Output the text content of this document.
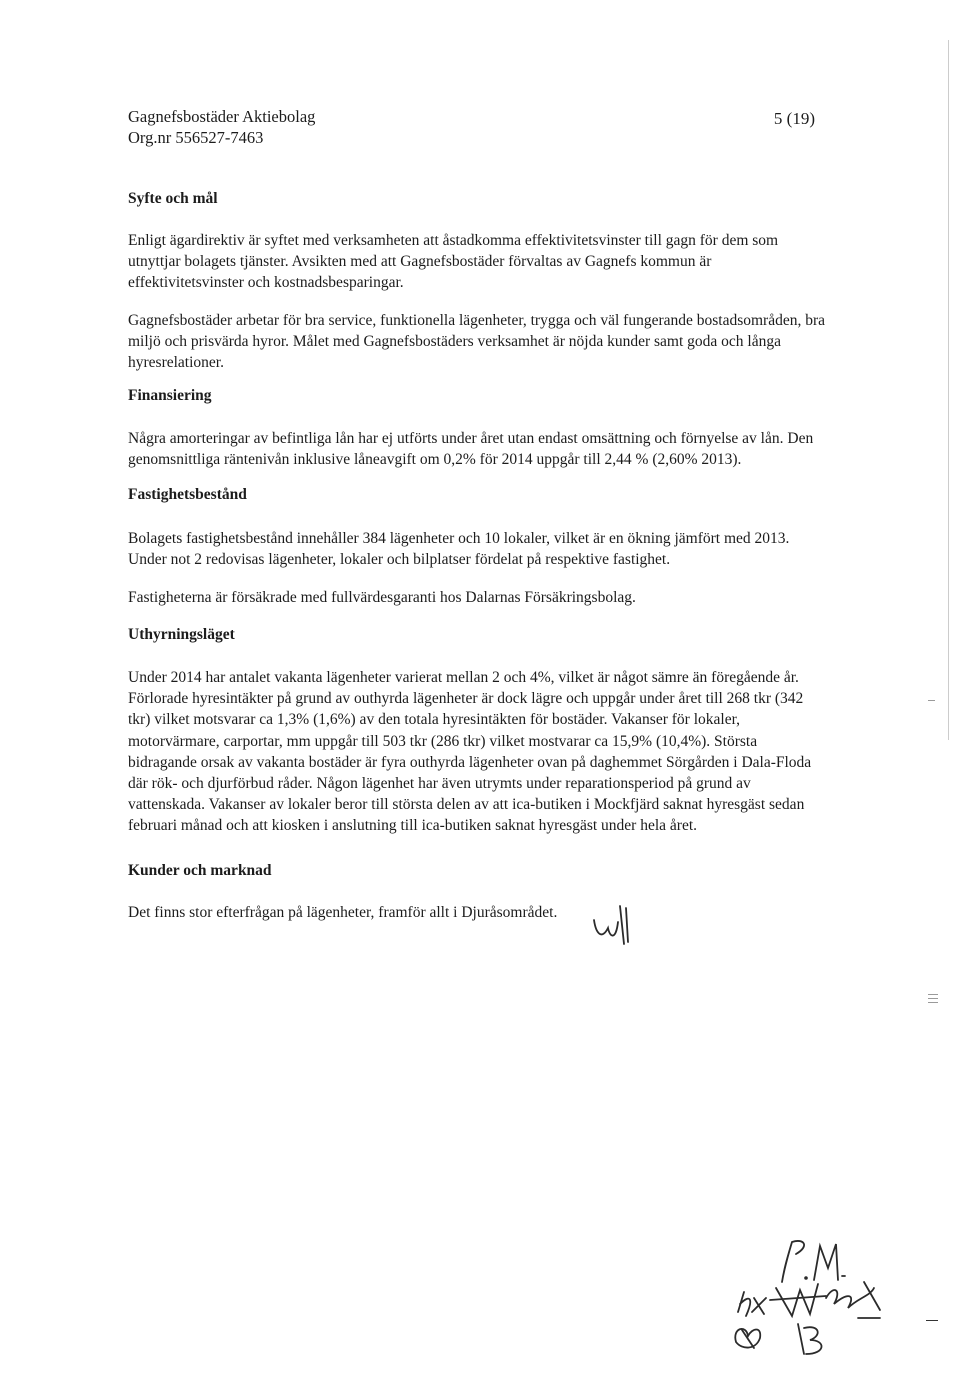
Gagnefsbostäder Aktiebolag
Org.nr 556527-7463
5 (19)
Syfte och mål

Enligt ägardirektiv är syftet med verksamheten att åstadkomma effektivitetsvinster till gagn för dem som utnyttjar bolagets tjänster. Avsikten med att Gagnefsbostäder förvaltas av Gagnefs kommun är effektivitetsvinster och kostnadsbesparingar.

Gagnefsbostäder arbetar för bra service, funktionella lägenheter, trygga och väl fungerande bostadsområden, bra miljö och prisvärda hyror. Målet med Gagnefsbostäders verksamhet är nöjda kunder samt goda och långa hyresrelationer.

Finansiering

Några amorteringar av befintliga lån har ej utförts under året utan endast omsättning och förnyelse av lån. Den genomsnittliga räntenivån inklusive låneavgift om 0,2% för 2014 uppgår till 2,44 % (2,60% 2013).

Fastighetsbestånd

Bolagets fastighetsbestånd innehåller 384 lägenheter och 10 lokaler, vilket är en ökning jämfört med 2013. Under not 2 redovisas lägenheter, lokaler och bilplatser fördelat på respektive fastighet.

Fastigheterna är försäkrade med fullvärdesgaranti hos Dalarnas Försäkringsbolag.

Uthyrningsläget

Under 2014 har antalet vakanta lägenheter varierat mellan 2 och 4%, vilket är något sämre än föregående år. Förlorade hyresintäkter på grund av outhyrda lägenheter är dock lägre och uppgår under året till 268 tkr (342 tkr) vilket motsvarar ca 1,3% (1,6%) av den totala hyresintäkten för bostäder. Vakanser för lokaler, motorvärmare, carportar, mm uppgår till 503 tkr (286 tkr) vilket mostvarar ca 15,9% (10,4%). Största bidragande orsak av vakanta bostäder är fyra outhyrda lägenheter ovan på daghemmet Sörgården i Dala-Floda där rök- och djurförbud råder. Någon lägenhet har även utrymts under reparationsperiod på grund av vattenskada. Vakanser av lokaler beror till största delen av att ica-butiken i Mockfjärd saknat hyresgäst sedan februari månad och att kiosken i anslutning till ica-butiken saknat hyresgäst under hela året.

Kunder och marknad

Det finns stor efterfrågan på lägenheter, framför allt i Djuråsområdet.
